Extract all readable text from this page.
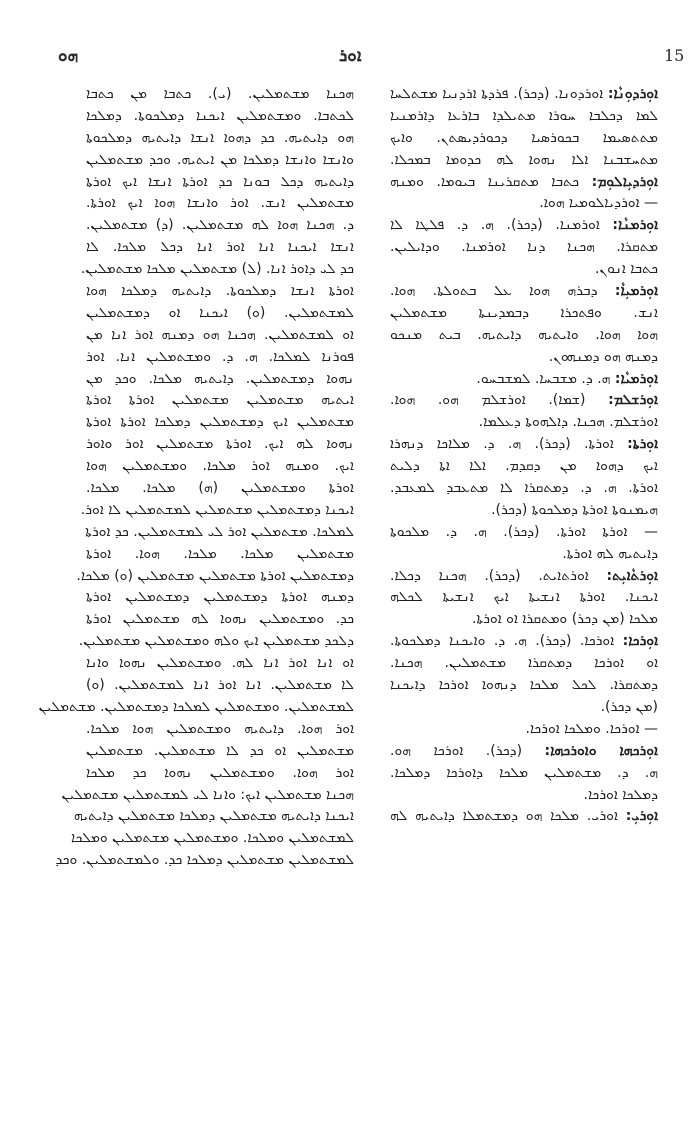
ܗܘ	ܐܘܪ	15
ܐܘܼܪܕܘܼܢܵܐ: ܐܘܪܕܘܢܐ. (ܕܟܪ). ܦܪܕܬܐ ܐܪܕܢܝܐ ܡܫܬܠܚܐ
ܠܡܐ ܕܟܠܒܐ ܚܘܪܐ ܡܬܝܠܕܐ ܒܐܪܥܐ ܕܐܪܡܢܝܐ
ܡܬܬܣܝܡܐ ܒܟܘܪܣܝܐ ܕܟܘܪܕܝܣܬܢ. ܘܐܝܟ
ܡܬܚܫܒܢܐ ܐܠܐ ܢܗܘܐ ܠܗ ܟܕܘܡܐ ܒܡܟܠܐ.
ܐܘܼܪܕܝܼܐܠܘܼܡ: ܟܬܒܐ ܡܬܩܪܝܢܐ ܒܝܘܡܐ. ܘܡܢܗ
— ܐܘܪܕܝܐܠܘܡܝܐ ܗܘܐ.
ܐܘܼܪܡܢܵܐ: ܐܘܪܡܢܐ. (ܕܟܪ). ܗ. ܕ. ܦܠܛܐ ܠܐ
ܡܬܩܪܐ. ܗܟܢܐ ܕܢܐ ܐܘܪܡܢܐ. ܘܕܐܝܠܝܢ.
ܟܬܒܐ ܐܢܘܢ.
ܐܘܼܪܡܝܼܐܵ: ܕܒܪܗ ܗܘܐ ܥܠ ܒܬܘܠܬܐ. ܗܘܐ.
ܐܢܫ. ܘܦܬܟܪܐ ܕܒܡܕܝܢܬܐ ܡܫܬܡܠܝܢ
ܗܘܐ ܗܘܐ. ܘܐܝܬܝܗ ܕܐܝܬܝܗ. ܒܝܬ ܡܢܟܘ
ܕܡܢܗ ܗܘ ܕܡܢܗܘܢ.
ܐܘܼܪܡܝܵܐ: ܗ. ܕ. ܡܫܒܚܐ. ܠܡܫܒܚܘ.
ܐܘܼܪܫܠܡ: (ܫܡܐ). ܐܘܪܫܠܡ ܗܘ. ܗܘܐ.
ܐܘܪܫܠܡ. ܗܟܢܐ. ܕܐܠܗܘܬܐ ܕܥܠܡܐ.
ܐܘܼܪܬܐ: ܐܘܪܬܐ. (ܕܟܪ). ܗ. ܕ. ܡܠܐܟܐ ܕܢܗܪܐ
ܐܝܟ ܕܗܘܐ ܡܢ ܕܩܕܡ. ܐܠܐ ܐܬܐ ܕܠܝܬ
ܐܘܪܬܐ. ܗ. ܕ. ܕܡܬܩܪܐ ܠܐ ܡܬܥܒܕ ܠܡܥܒܕ.
ܗܝܡܢܘܬܐ ܐܘܪܬܐ ܕܡܠܟܘܬܐ (ܕܟܪ).
— ܐܘܪܬܐ ܐܘܪܬܐ. (ܕܟܪ). ܗ. ܕ. ܡܠܟܘܬܐ
ܕܐܝܬܝܗ ܠܗ ܐܘܪܬܐ.
ܐܘܼܪܬܵܐܝܼܬ: ܐܘܪܬܐܝܬ. (ܕܟܪ). ܗܟܢܐ ܕܟܠܐ.
ܐܝܟܢܐ. ܐܘܪܬܐ ܐܢܫܝܬܐ ܐܝܟ ܐܢܫܝܬܐ ܠܟܠܗ
ܡܠܟܐ (ܡܢ ܕܟܪ) ܘܡܬܩܪܐ ܐܘ ܐܘܪܬܐ.
ܐܘܼܪܟܐ: ܐܘܪܟܐ. (ܕܟܪ). ܗ. ܕ. ܘܐܝܟܢܐ ܕܡܠܟܘܬܐ.
ܐܘ ܐܘܪܟܐ ܕܡܬܩܪܐ ܡܫܬܡܠܝܢ. ܗܟܢܐ.
ܕܡܬܩܪܐ. ܠܟܠ ܡܠܟܐ ܕܢܗܘܐ ܐܘܪܟܐ ܕܐܝܟܢܐ
(ܡܢ ܕܟܪ).
— ܐܘܪܟܐ. ܘܡܠܟܐ ܐܘܪܟܐ.
ܐܘܼܪܟܗܐ ܘܐܘܪܟܗܐ: (ܕܟܪ). ܐܘܪܟܐ ܗܘ.
ܗ. ܕ. ܡܫܬܡܠܝܢ ܡܠܟܐ ܕܐܘܪܟܐ ܕܡܠܟܐ.
ܕܡܠܟܐ ܐܘܪܟܐ.
ܐܘܼܪܝܼ: ܐܘܪܝ. ܡܠܟܐ ܗܘ ܕܡܫܬܡܠܐ ܕܐܝܬܝܗ ܠܗ
ܗܟܢܐ ܡܫܬܡܠܝܢ. (ܝ). ܟܬܒܐ ܡܢ ܟܬܒܐ
ܠܟܬܒܐ. ܘܡܫܬܡܠܝܢ ܐܝܟܢܐ ܕܡܠܟܘܬܐ. ܕܡܠܟܐ
ܗܘ ܕܐܝܬܝܗ. ܟܕ ܕܗܘܐ ܐܢܫܐ ܕܐܝܬܝܗ ܕܡܠܟܘܬܐ
ܘܐܢܫܐ ܘܐܢܫܐ ܕܡܠܟܐ ܡܢ ܐܝܬܝܗ. ܘܟܕ ܡܫܬܡܠܝܢ
ܕܐܝܬܝܗ ܕܟܠ ܒܘܢܐ ܟܕ ܐܘܪܬܐ ܐܢܫܐ ܐܝܟ ܐܘܪܬܐ
ܡܫܬܡܠܝܢ ܐܢܫ. ܐܘܪ ܘܐܢܫܐ ܗܘܐ ܐܝܟ ܐܘܪܬܐ.
ܕ. ܗܟܢܐ ܗܘܐ ܠܗ ܡܫܬܡܠܝܢ. (ܕ) ܡܫܬܡܠܝܢ.
ܐܢܫܐ ܐܝܟܢܐ ܐܢܐ ܐܘܪ ܐܢܐ ܕܟܠ ܡܠܟܐ. ܠܐ
ܟܕ ܠܝ ܕܐܘܪ ܐܢܐ. (ܠ) ܡܫܬܡܠܝܢ ܡܠܟܐ ܡܫܬܡܠܝܢ.
ܐܘܪܬܐ ܐܢܫܐ ܕܡܠܟܘܬܐ. ܕܐܝܬܝܗ ܕܡܠܟܐ ܗܘܐ
ܠܡܫܬܡܠܝܢ. (ܘ) ܐܝܟܢܐ ܐܘ ܕܡܫܬܡܠܝܢ
ܐܘ ܠܡܫܬܡܠܝܢ. ܗܟܢܐ ܗܘ ܕܡܢܗ ܐܘܪ ܐܢܐ ܡܢ
ܦܘܪܢܐ ܠܡܠܟܐ. ܗ. ܕ. ܘܡܫܬܡܠܝܢ ܐܢܐ. ܐܘܪ
ܢܗܘܐ ܕܡܫܬܡܠܝܢ. ܕܐܝܬܝܗ ܡܠܟܐ. ܘܟܕ ܡܢ
ܐܝܬܝܗ ܡܫܬܡܠܝܢ ܡܫܬܡܠܝܢ ܐܘܪܬܐ ܐܘܪܬܐ
ܡܫܬܡܠܝܢ ܐܝܟ ܕܡܫܬܡܠܝܢ ܕܡܠܟܐ ܐܘܪܬܐ ܐܘܪܬܐ
ܢܗܘܐ ܠܗ ܐܝܟ. ܐܘܪܬܐ ܡܫܬܡܠܝܢ ܐܘܪ ܘܐܘܪ
ܐܝܟ. ܘܡܢܗ ܐܘܪ ܡܠܟܐ. ܘܡܫܬܡܠܝܢ ܗܘܐ
ܐܘܪܬܐ ܘܡܫܬܡܠܝܢ (ܗ) ܡܠܟܐ. ܡܠܟܐ.
ܐܝܟܢܐ ܕܡܫܬܡܠܝܢ ܡܫܬܡܠܝܢ ܠܡܫܬܡܠܝܢ ܠܐ ܐܘܪ.
ܠܡܠܟܐ. ܡܫܬܡܠܝܢ ܐܘܪ ܠܝ ܠܡܫܬܡܠܝܢ. ܟܕ ܐܘܪܬܐ
ܡܫܬܡܠܝܢ ܡܠܟܐ. ܡܠܟܐ. ܗܘܐ. ܐܘܪܬܐ
ܕܡܫܬܡܠܝܢ ܐܘܪܬܐ ܡܫܬܡܠܝܢ ܡܫܬܡܠܝܢ (ܘ) ܡܠܟܐ.
ܕܡܢܗ ܐܘܪܬܐ ܕܡܫܬܡܠܝܢ ܕܡܫܬܡܠܝܢ ܐܘܪܬܐ
ܟܕ. ܘܡܫܬܡܠܝܢ ܢܗܘܐ ܠܗ ܡܫܬܡܠܝܢ ܐܘܪܬܐ
ܕܠܟܕ ܡܫܬܡܠܝܢ ܐܝܟ ܘܠܗ ܘܡܫܬܡܠܝܢ ܡܫܬܡܠܝܢ.
ܐܘ ܐܢܐ ܐܘܪ ܐܢܐ ܠܗ. ܘܡܫܬܡܠܝܢ ܢܗܘܐ ܘܐܢܐ
ܠܐ ܡܫܬܡܠܝܢ. ܐܢܐ ܐܘܪ ܐܢܐ ܠܡܫܬܡܠܝܢ. (ܘ)
ܠܡܫܬܡܠܝܢ. ܘܡܫܬܡܠܝܢ ܠܡܠܟܐ ܕܡܫܬܡܠܝܢ. ܡܫܬܡܠܝܢ
ܐܘܪ ܗܘܐ. ܕܐܝܬܝܗ ܘܡܫܬܡܠܝܢ ܗܘܐ ܡܠܟܐ.
ܡܫܬܡܠܝܢ ܐܘ ܟܕ ܠܐ ܡܫܬܡܠܝܢ. ܡܫܬܡܠܝܢ
ܐܘܪ ܗܘܐ. ܘܡܫܬܡܠܝܢ ܢܗܘܐ ܟܕ ܡܠܟܐ
ܗܟܢܐ ܡܫܬܡܠܝܢ ܐܝܟ: ܘܐܢܐ ܠܝ ܠܡܫܬܡܠܝܢ ܡܫܬܡܠܝܢ
ܐܝܟܢܐ ܕܐܝܬܝܗ ܡܫܬܡܠܝܢ ܕܡܠܟܐ ܡܫܬܡܠܝܢ ܕܐܝܬܝܗ
ܠܡܫܬܡܠܝܢ ܘܡܠܟܐ. ܘܡܫܬܡܠܝܢ ܡܫܬܡܠܝܢ ܘܡܠܟܐ
ܠܡܫܬܡܠܝܢ ܡܫܬܡܠܝܢ ܕܡܠܟܐ ܟܕ. ܘܠܡܫܬܡܠܝܢ. ܘܟܕ
